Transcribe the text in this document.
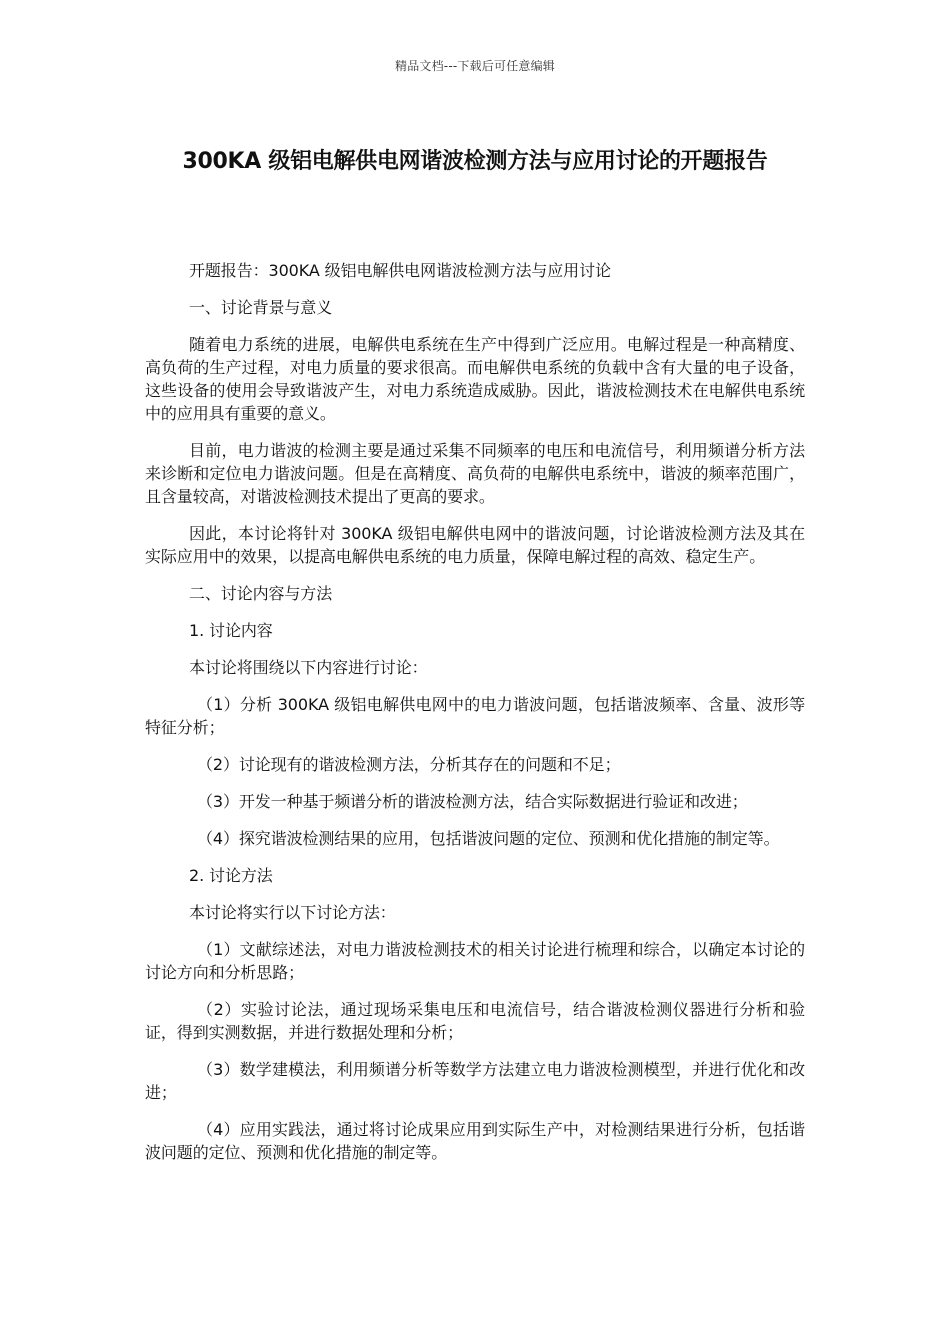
精品文档---下载后可任意编辑
300KA 级铝电解供电网谐波检测方法与应用讨论的开题报告

开题报告：300KA 级铝电解供电网谐波检测方法与应用讨论

一、讨论背景与意义

随着电力系统的进展，电解供电系统在生产中得到广泛应用。电解过程是一种高精度、高负荷的生产过程，对电力质量的要求很高。而电解供电系统的负载中含有大量的电子设备，这些设备的使用会导致谐波产生，对电力系统造成威胁。因此，谐波检测技术在电解供电系统中的应用具有重要的意义。

目前，电力谐波的检测主要是通过采集不同频率的电压和电流信号，利用频谱分析方法来诊断和定位电力谐波问题。但是在高精度、高负荷的电解供电系统中，谐波的频率范围广，且含量较高，对谐波检测技术提出了更高的要求。

因此，本讨论将针对 300KA 级铝电解供电网中的谐波问题，讨论谐波检测方法及其在实际应用中的效果，以提高电解供电系统的电力质量，保障电解过程的高效、稳定生产。

二、讨论内容与方法

1. 讨论内容

本讨论将围绕以下内容进行讨论：

（1）分析 300KA 级铝电解供电网中的电力谐波问题，包括谐波频率、含量、波形等特征分析；

（2）讨论现有的谐波检测方法，分析其存在的问题和不足；

（3）开发一种基于频谱分析的谐波检测方法，结合实际数据进行验证和改进；

（4）探究谐波检测结果的应用，包括谐波问题的定位、预测和优化措施的制定等。

2. 讨论方法

本讨论将实行以下讨论方法：

（1）文献综述法，对电力谐波检测技术的相关讨论进行梳理和综合，以确定本讨论的讨论方向和分析思路；

（2）实验讨论法，通过现场采集电压和电流信号，结合谐波检测仪器进行分析和验证，得到实测数据，并进行数据处理和分析；

（3）数学建模法，利用频谱分析等数学方法建立电力谐波检测模型，并进行优化和改进；

（4）应用实践法，通过将讨论成果应用到实际生产中，对检测结果进行分析，包括谐波问题的定位、预测和优化措施的制定等。
